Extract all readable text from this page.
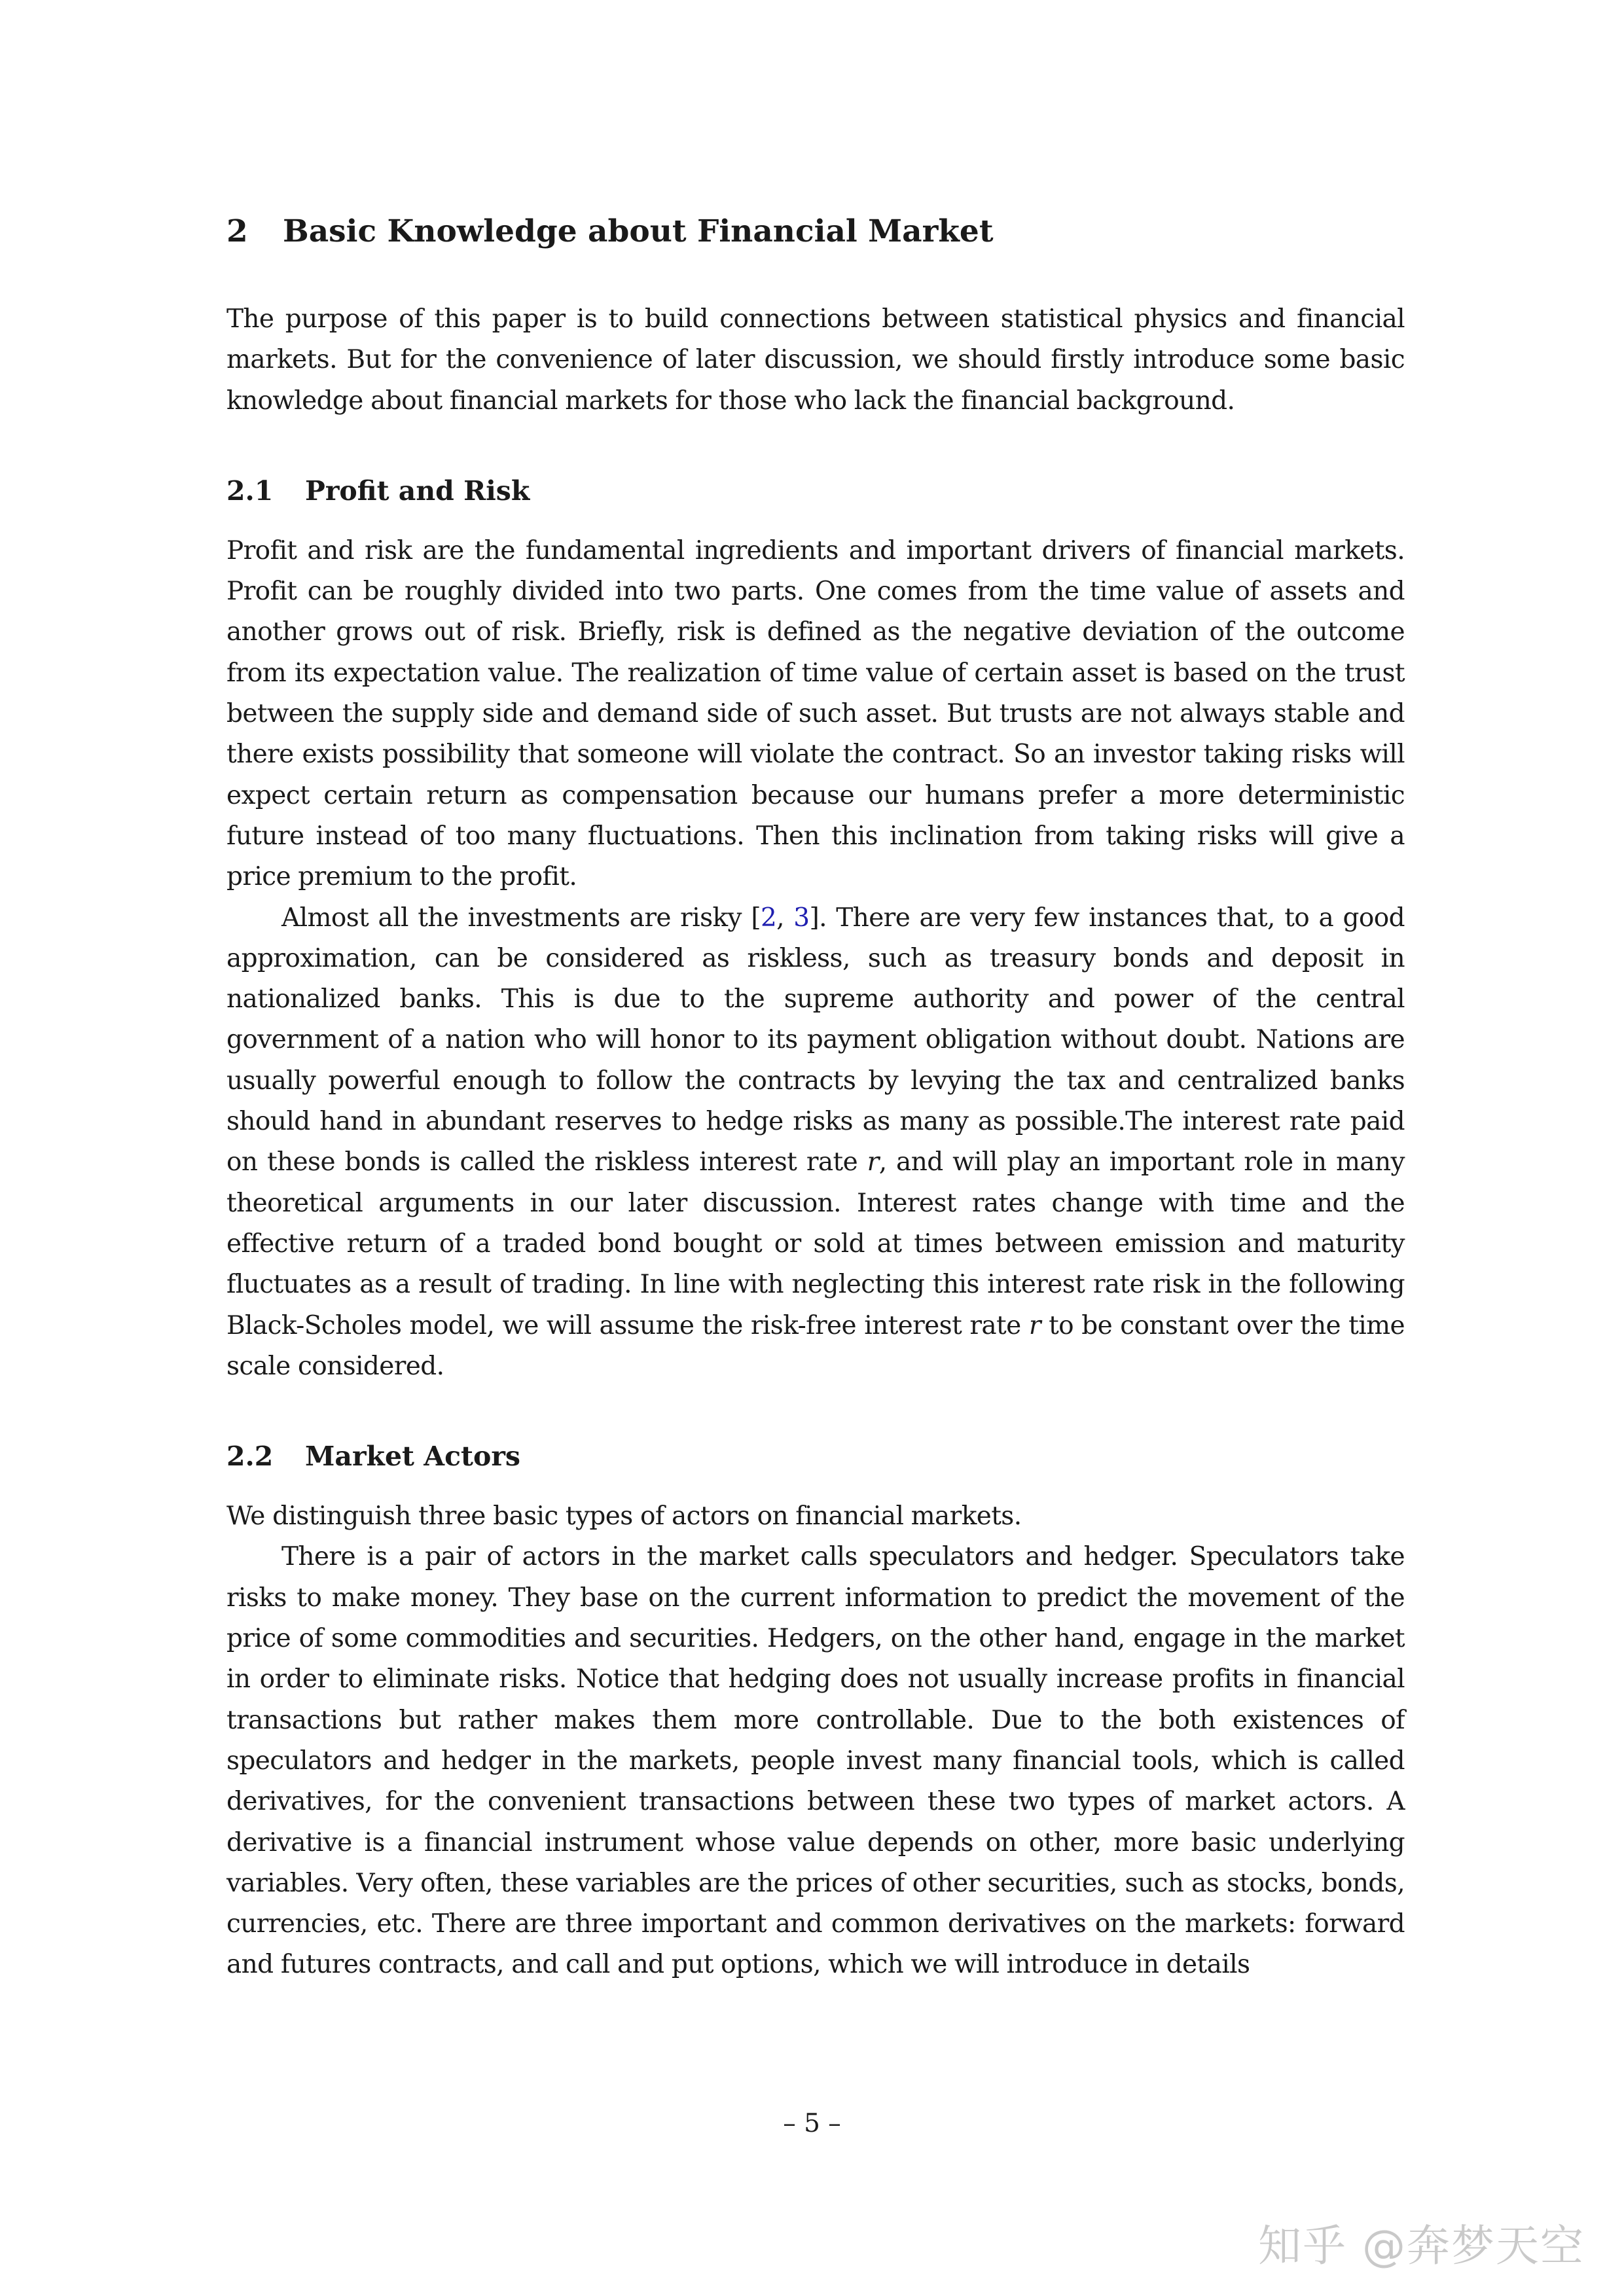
2 Basic Knowledge about Financial Market

The purpose of this paper is to build connections between statistical physics and financial markets. But for the convenience of later discussion, we should firstly introduce some basic knowledge about financial markets for those who lack the financial background.

2.1 Profit and Risk

Profit and risk are the fundamental ingredients and important drivers of financial markets. Profit can be roughly divided into two parts. One comes from the time value of assets and another grows out of risk. Briefly, risk is defined as the negative deviation of the outcome from its expectation value. The realization of time value of certain asset is based on the trust between the supply side and demand side of such asset. But trusts are not always stable and there exists possibility that someone will violate the contract. So an investor taking risks will expect certain return as compensation because our humans prefer a more deterministic future instead of too many fluctuations. Then this inclination from taking risks will give a price premium to the profit.

Almost all the investments are risky [2, 3]. There are very few instances that, to a good approximation, can be considered as riskless, such as treasury bonds and deposit in nationalized banks. This is due to the supreme authority and power of the central government of a nation who will honor to its payment obligation without doubt. Nations are usually powerful enough to follow the contracts by levying the tax and centralized banks should hand in abundant reserves to hedge risks as many as possible.The interest rate paid on these bonds is called the riskless interest rate r, and will play an important role in many theoretical arguments in our later discussion. Interest rates change with time and the effective return of a traded bond bought or sold at times between emission and maturity fluctuates as a result of trading. In line with neglecting this interest rate risk in the following Black-Scholes model, we will assume the risk-free interest rate r to be constant over the time scale considered.

2.2 Market Actors

We distinguish three basic types of actors on financial markets.

There is a pair of actors in the market calls speculators and hedger. Speculators take risks to make money. They base on the current information to predict the movement of the price of some commodities and securities. Hedgers, on the other hand, engage in the market in order to eliminate risks. Notice that hedging does not usually increase profits in financial transactions but rather makes them more controllable. Due to the both existences of speculators and hedger in the markets, people invest many financial tools, which is called derivatives, for the convenient transactions between these two types of market actors. A derivative is a financial instrument whose value depends on other, more basic underlying variables. Very often, these variables are the prices of other securities, such as stocks, bonds, currencies, etc. There are three important and common derivatives on the markets: forward and futures contracts, and call and put options, which we will introduce in details

– 5 –
知乎 @奔梦天空
